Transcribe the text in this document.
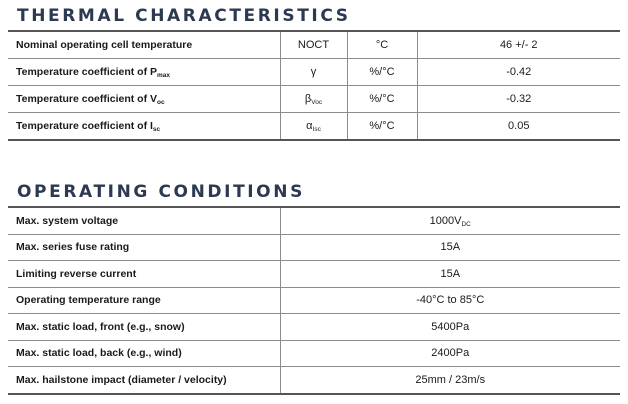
THERMAL CHARACTERISTICS
Nominal operating cell temperature	NOCT	°C	46 +/- 2
Temperature coefficient of $P_{max}$	γ	%/°C	-0.42
Temperature coefficient of $V_{oc}$	$\beta_{Voc}$	%/°C	-0.32
Temperature coefficient of $I_{sc}$	$\alpha_{Isc}$	%/°C	0.05
OPERATING CONDITIONS
Max. system voltage	$1000V_{DC}$
Max. series fuse rating	15A
Limiting reverse current	15A
Operating temperature range	-40°C to 85°C
Max. static load, front (e.g., snow)	5400Pa
Max. static load, back (e.g., wind)	2400Pa
Max. hailstone impact (diameter / velocity)	25mm / 23m/s
